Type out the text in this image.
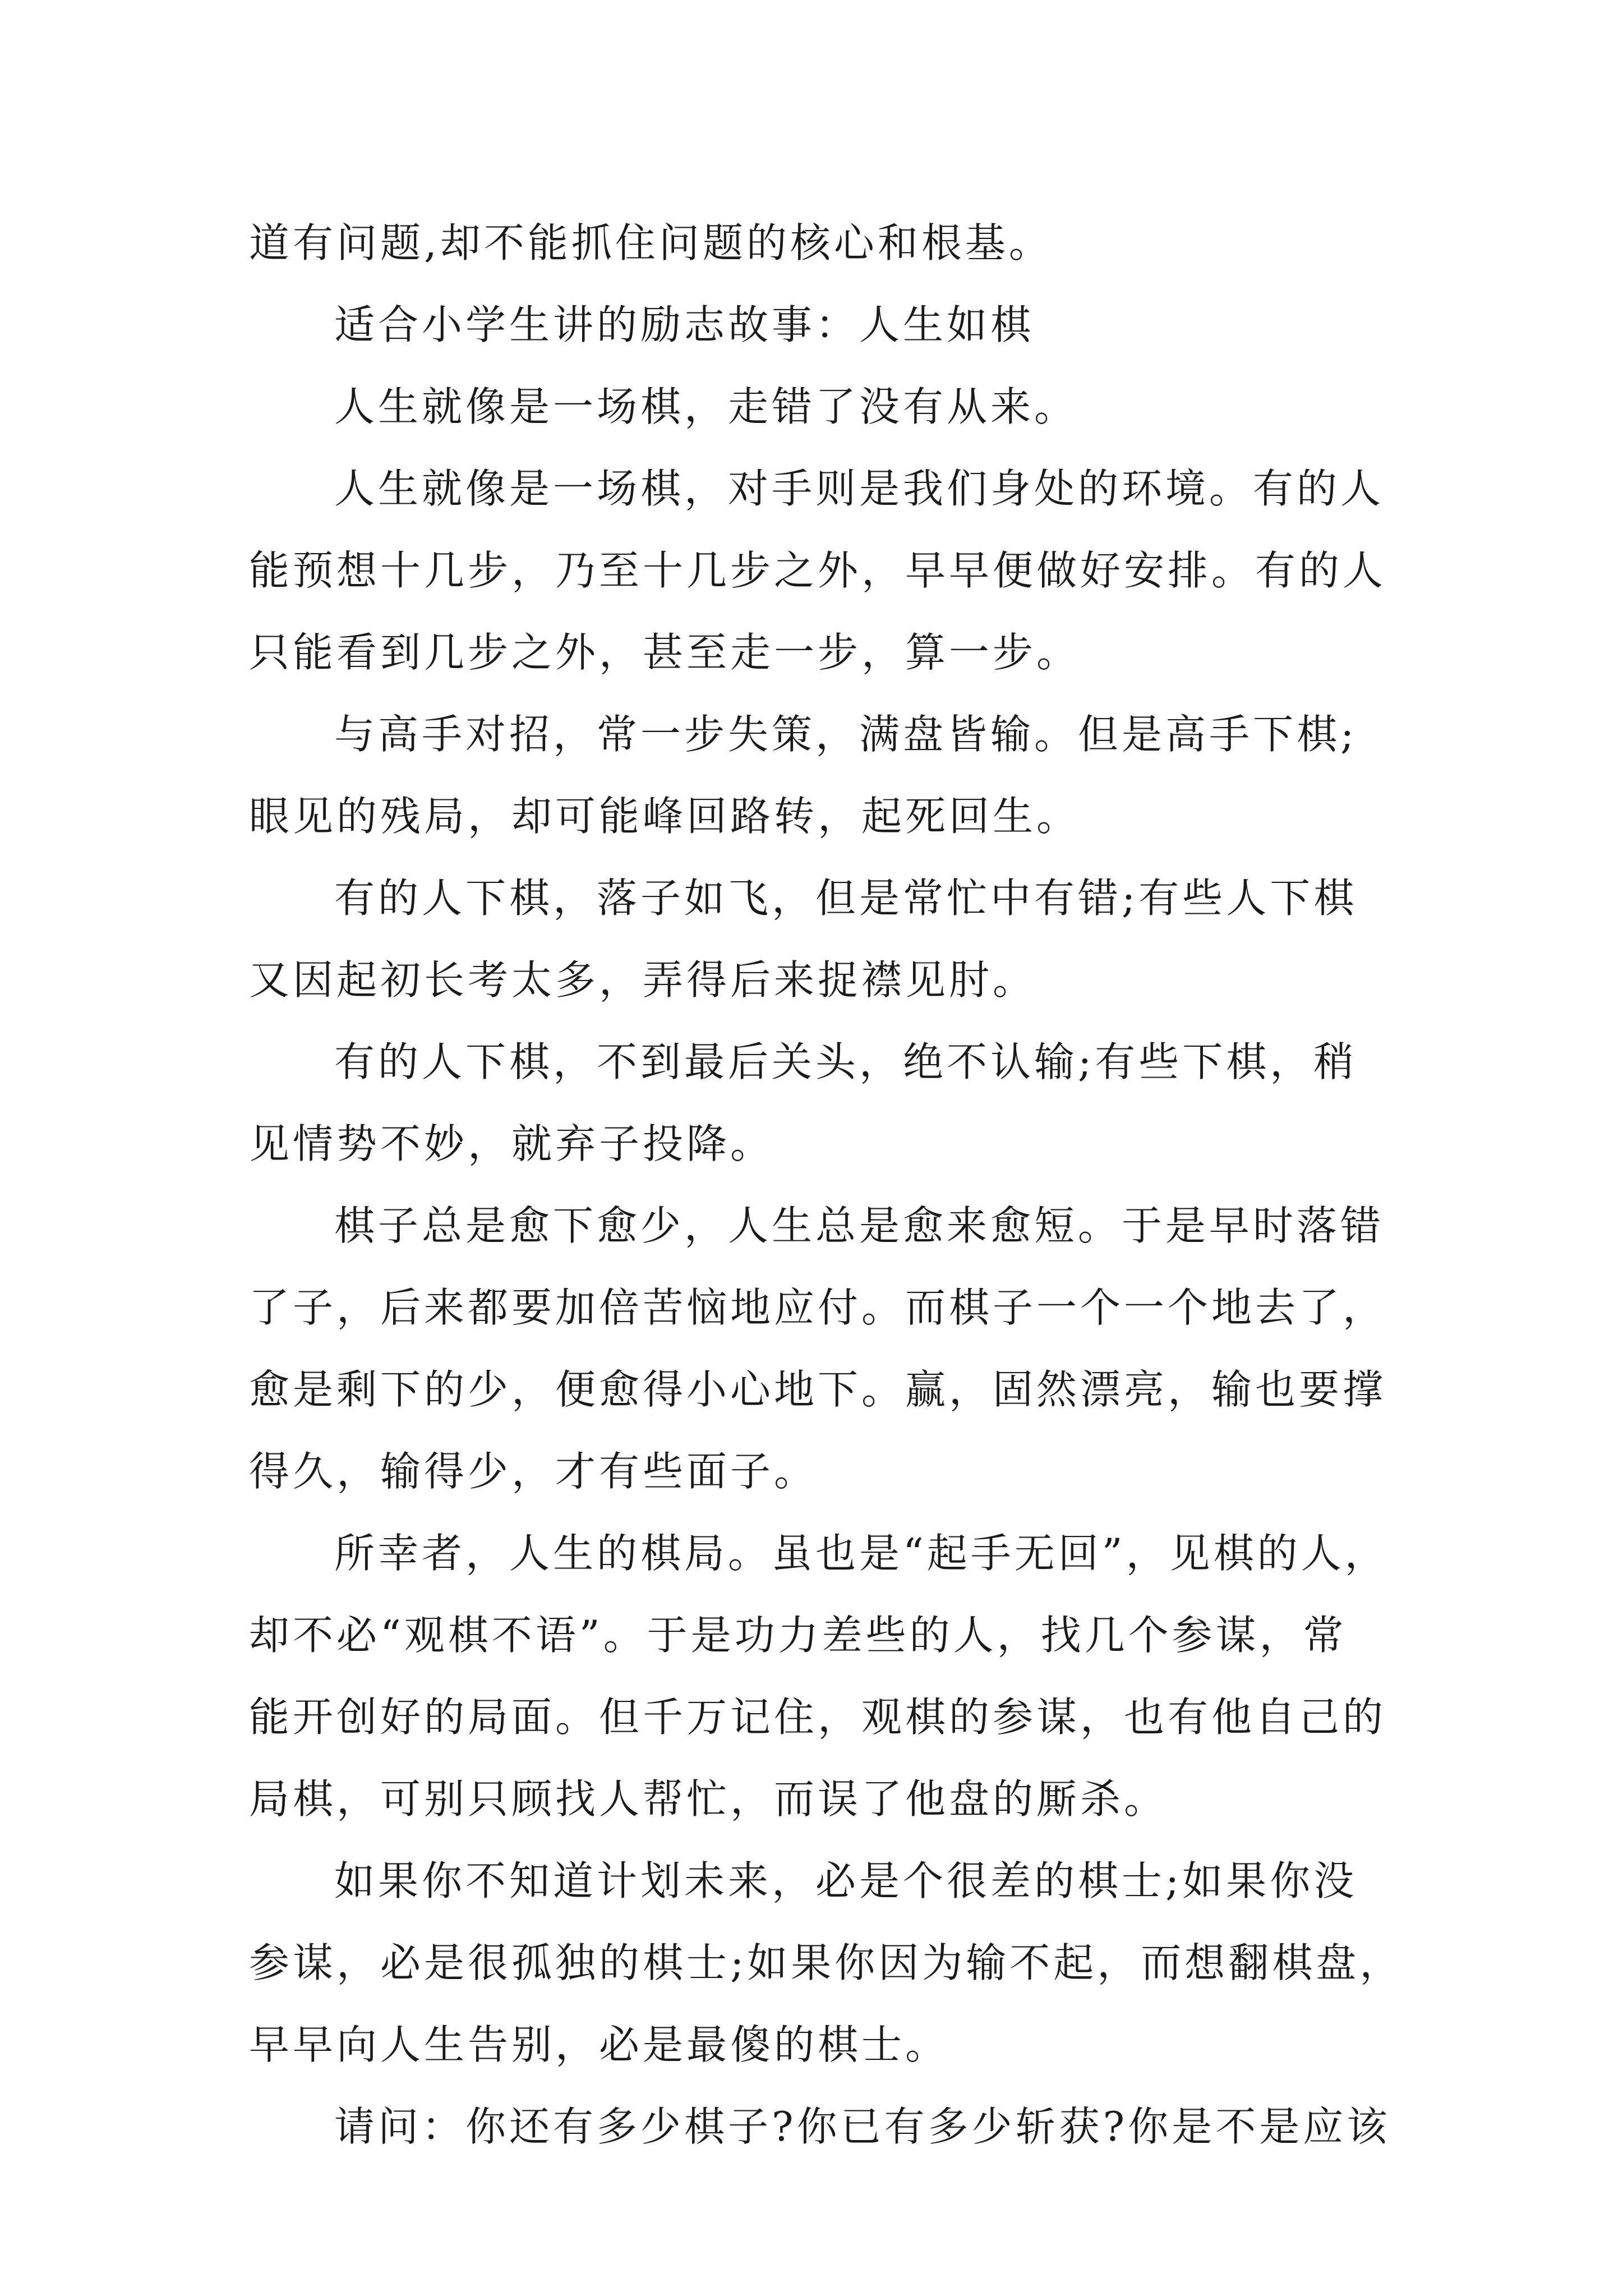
道有问题,却不能抓住问题的核心和根基。
适合小学生讲的励志故事：人生如棋
人生就像是一场棋，走错了没有从来。
人生就像是一场棋，对手则是我们身处的环境。有的人
能预想十几步，乃至十几步之外，早早便做好安排。有的人
只能看到几步之外，甚至走一步，算一步。
与高手对招，常一步失策，满盘皆输。但是高手下棋;
眼见的残局，却可能峰回路转，起死回生。
有的人下棋，落子如飞，但是常忙中有错;有些人下棋
又因起初长考太多，弄得后来捉襟见肘。
有的人下棋，不到最后关头，绝不认输;有些下棋，稍
见情势不妙，就弃子投降。
棋子总是愈下愈少，人生总是愈来愈短。于是早时落错
了子，后来都要加倍苦恼地应付。而棋子一个一个地去了，
愈是剩下的少，便愈得小心地下。赢，固然漂亮，输也要撑
得久，输得少，才有些面子。
所幸者，人生的棋局。虽也是“起手无回”，见棋的人，
却不必“观棋不语”。于是功力差些的人，找几个参谋，常
能开创好的局面。但千万记住，观棋的参谋，也有他自己的
局棋，可别只顾找人帮忙，而误了他盘的厮杀。
如果你不知道计划未来，必是个很差的棋士;如果你没
参谋，必是很孤独的棋士;如果你因为输不起，而想翻棋盘，
早早向人生告别，必是最傻的棋士。
请问：你还有多少棋子?你已有多少斩获?你是不是应该
